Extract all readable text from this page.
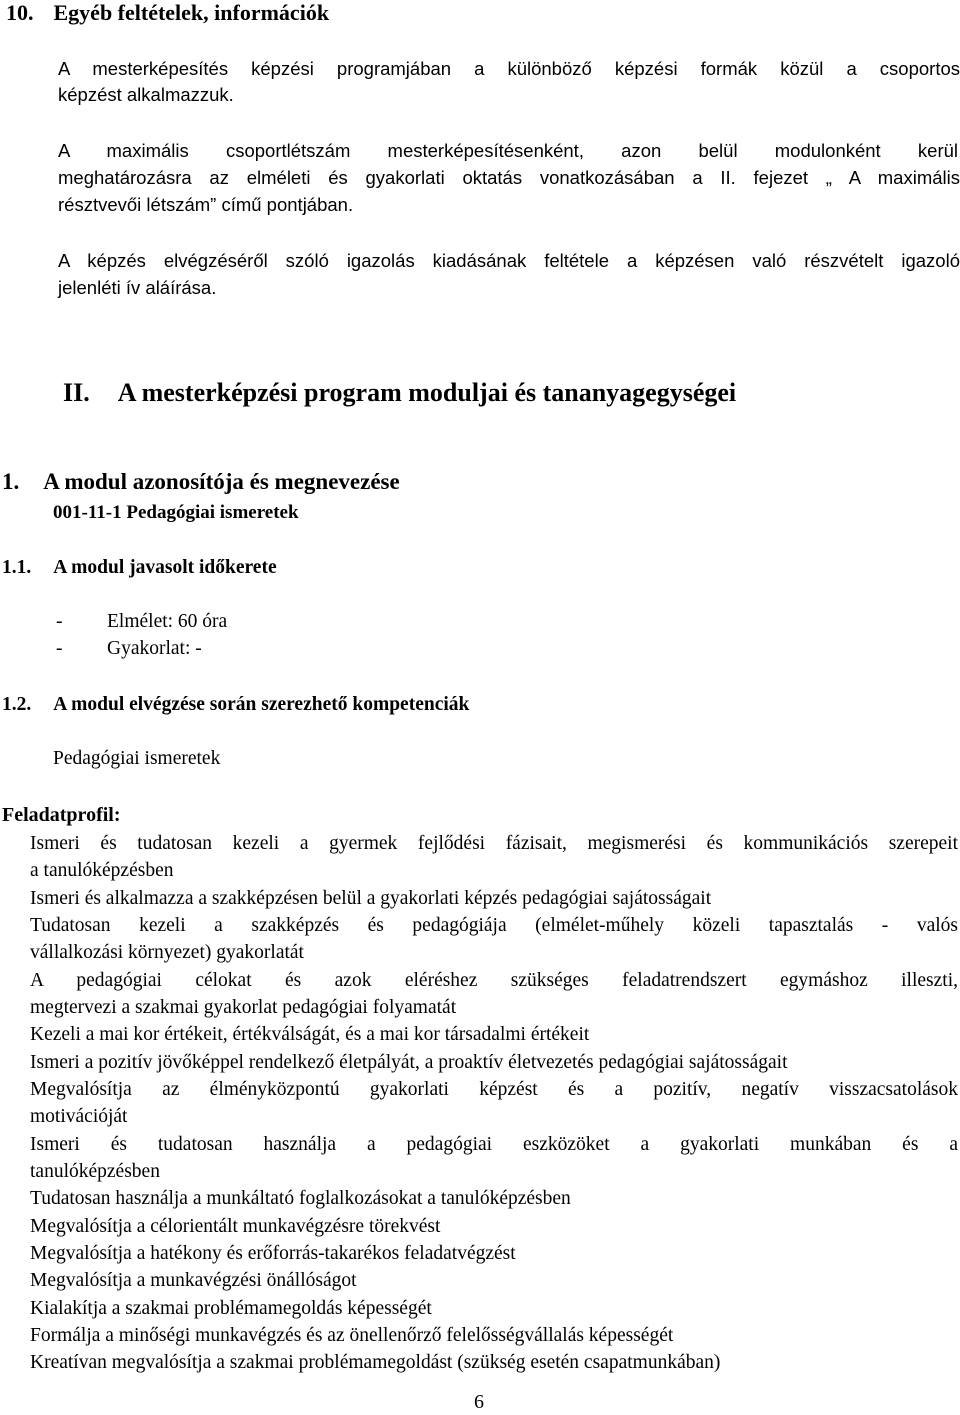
10. Egyéb feltételek, információk
A mesterképesítés képzési programjában a különböző képzési formák közül a csoportos
képzést alkalmazzuk.
A maximális csoportlétszám mesterképesítésenként, azon belül modulonként kerül
meghatározásra az elméleti és gyakorlati oktatás vonatkozásában a II. fejezet „ A maximális
résztvevői létszám” című pontjában.
A képzés elvégzéséről szóló igazolás kiadásának feltétele a képzésen való részvételt igazoló
jelenléti ív aláírása.
II. A mesterképzési program moduljai és tananyagegységei
1. A modul azonosítója és megnevezése
001-11-1 Pedagógiai ismeretek
1.1. A modul javasolt időkerete
- Elmélet: 60 óra
- Gyakorlat: -
1.2. A modul elvégzése során szerezhető kompetenciák
Pedagógiai ismeretek
Feladatprofil:
Ismeri és tudatosan kezeli a gyermek fejlődési fázisait, megismerési és kommunikációs szerepeit
a tanulóképzésben
Ismeri és alkalmazza a szakképzésen belül a gyakorlati képzés pedagógiai sajátosságait
Tudatosan kezeli a szakképzés és pedagógiája (elmélet-műhely közeli tapasztalás - valós
vállalkozási környezet) gyakorlatát
A pedagógiai célokat és azok eléréshez szükséges feladatrendszert egymáshoz illeszti,
megtervezi a szakmai gyakorlat pedagógiai folyamatát
Kezeli a mai kor értékeit, értékválságát, és a mai kor társadalmi értékeit
Ismeri a pozitív jövőképpel rendelkező életpályát, a proaktív életvezetés pedagógiai sajátosságait
Megvalósítja az élményközpontú gyakorlati képzést és a pozitív, negatív visszacsatolások
motivációját
Ismeri és tudatosan használja a pedagógiai eszközöket a gyakorlati munkában és a
tanulóképzésben
Tudatosan használja a munkáltató foglalkozásokat a tanulóképzésben
Megvalósítja a célorientált munkavégzésre törekvést
Megvalósítja a hatékony és erőforrás-takarékos feladatvégzést
Megvalósítja a munkavégzési önállóságot
Kialakítja a szakmai problémamegoldás képességét
Formálja a minőségi munkavégzés és az önellenőrző felelősségvállalás képességét
Kreatívan megvalósítja a szakmai problémamegoldást (szükség esetén csapatmunkában)
6
